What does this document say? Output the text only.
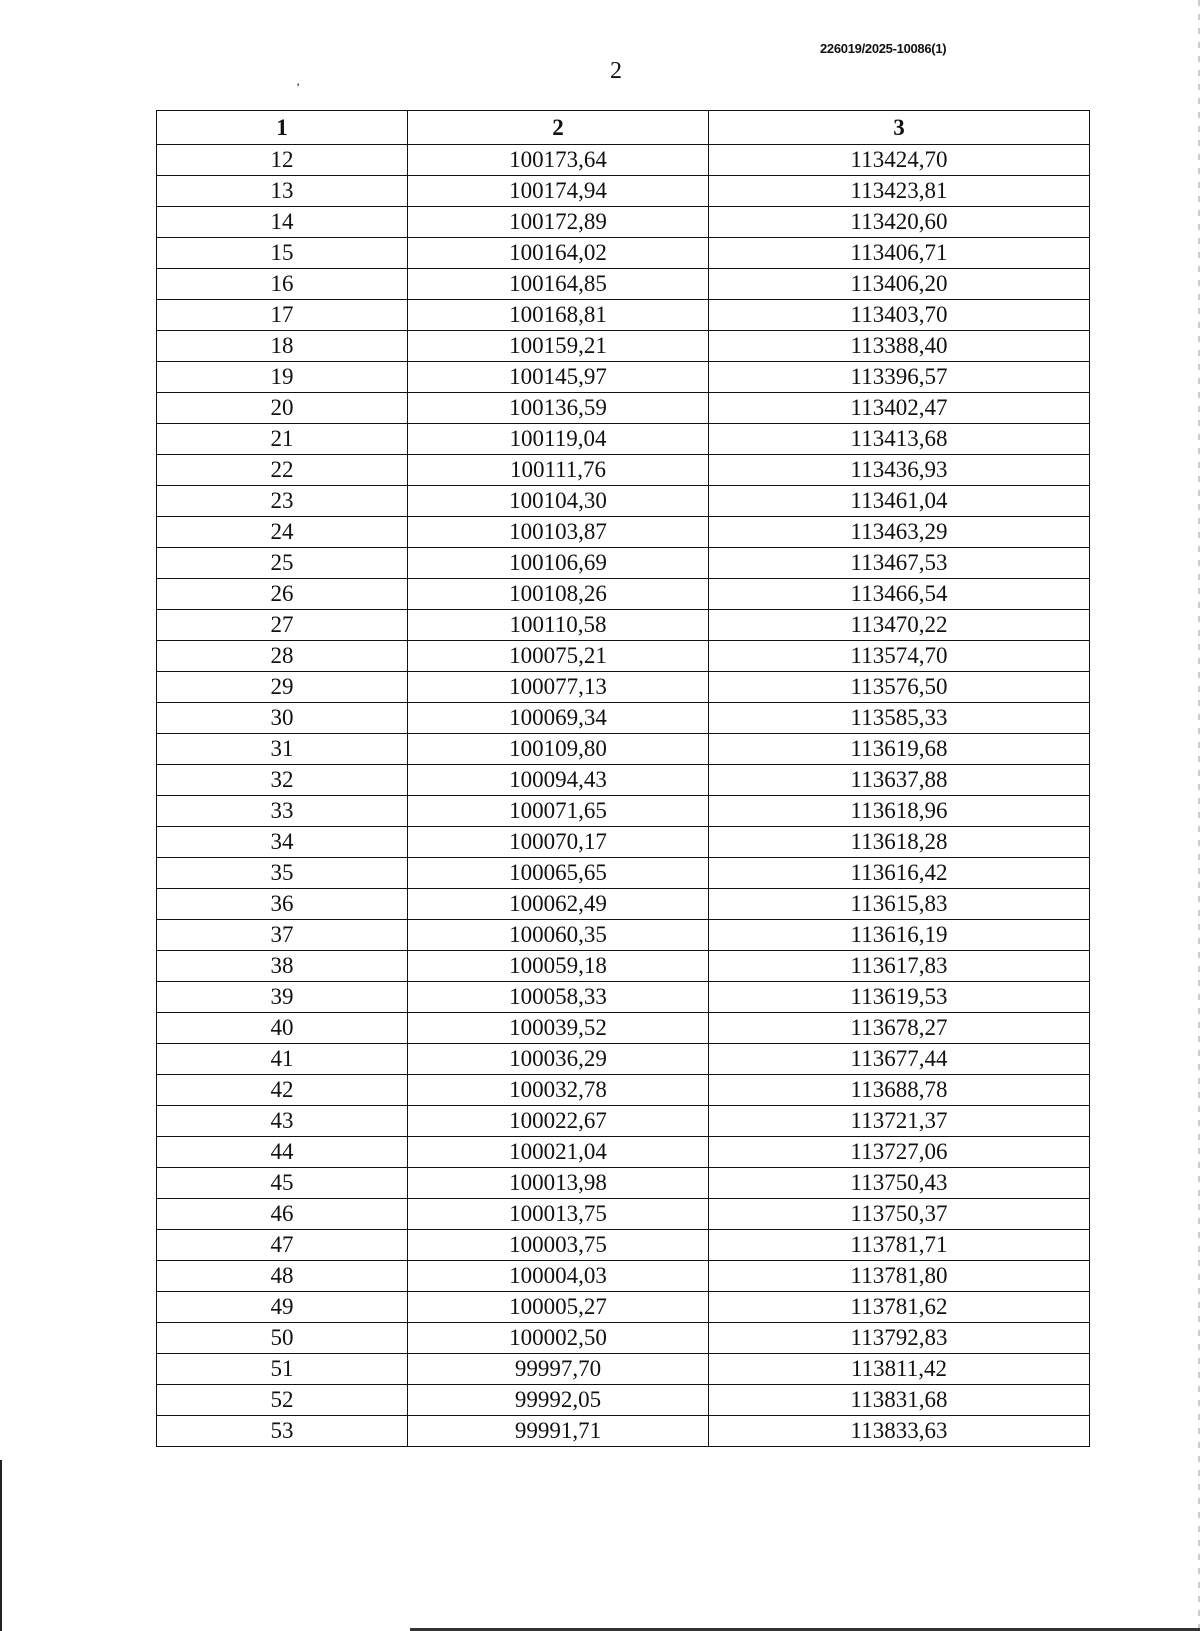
226019/2025-10086(1)
2
’
1	2	3
12	100173,64	113424,70
13	100174,94	113423,81
14	100172,89	113420,60
15	100164,02	113406,71
16	100164,85	113406,20
17	100168,81	113403,70
18	100159,21	113388,40
19	100145,97	113396,57
20	100136,59	113402,47
21	100119,04	113413,68
22	100111,76	113436,93
23	100104,30	113461,04
24	100103,87	113463,29
25	100106,69	113467,53
26	100108,26	113466,54
27	100110,58	113470,22
28	100075,21	113574,70
29	100077,13	113576,50
30	100069,34	113585,33
31	100109,80	113619,68
32	100094,43	113637,88
33	100071,65	113618,96
34	100070,17	113618,28
35	100065,65	113616,42
36	100062,49	113615,83
37	100060,35	113616,19
38	100059,18	113617,83
39	100058,33	113619,53
40	100039,52	113678,27
41	100036,29	113677,44
42	100032,78	113688,78
43	100022,67	113721,37
44	100021,04	113727,06
45	100013,98	113750,43
46	100013,75	113750,37
47	100003,75	113781,71
48	100004,03	113781,80
49	100005,27	113781,62
50	100002,50	113792,83
51	99997,70	113811,42
52	99992,05	113831,68
53	99991,71	113833,63
